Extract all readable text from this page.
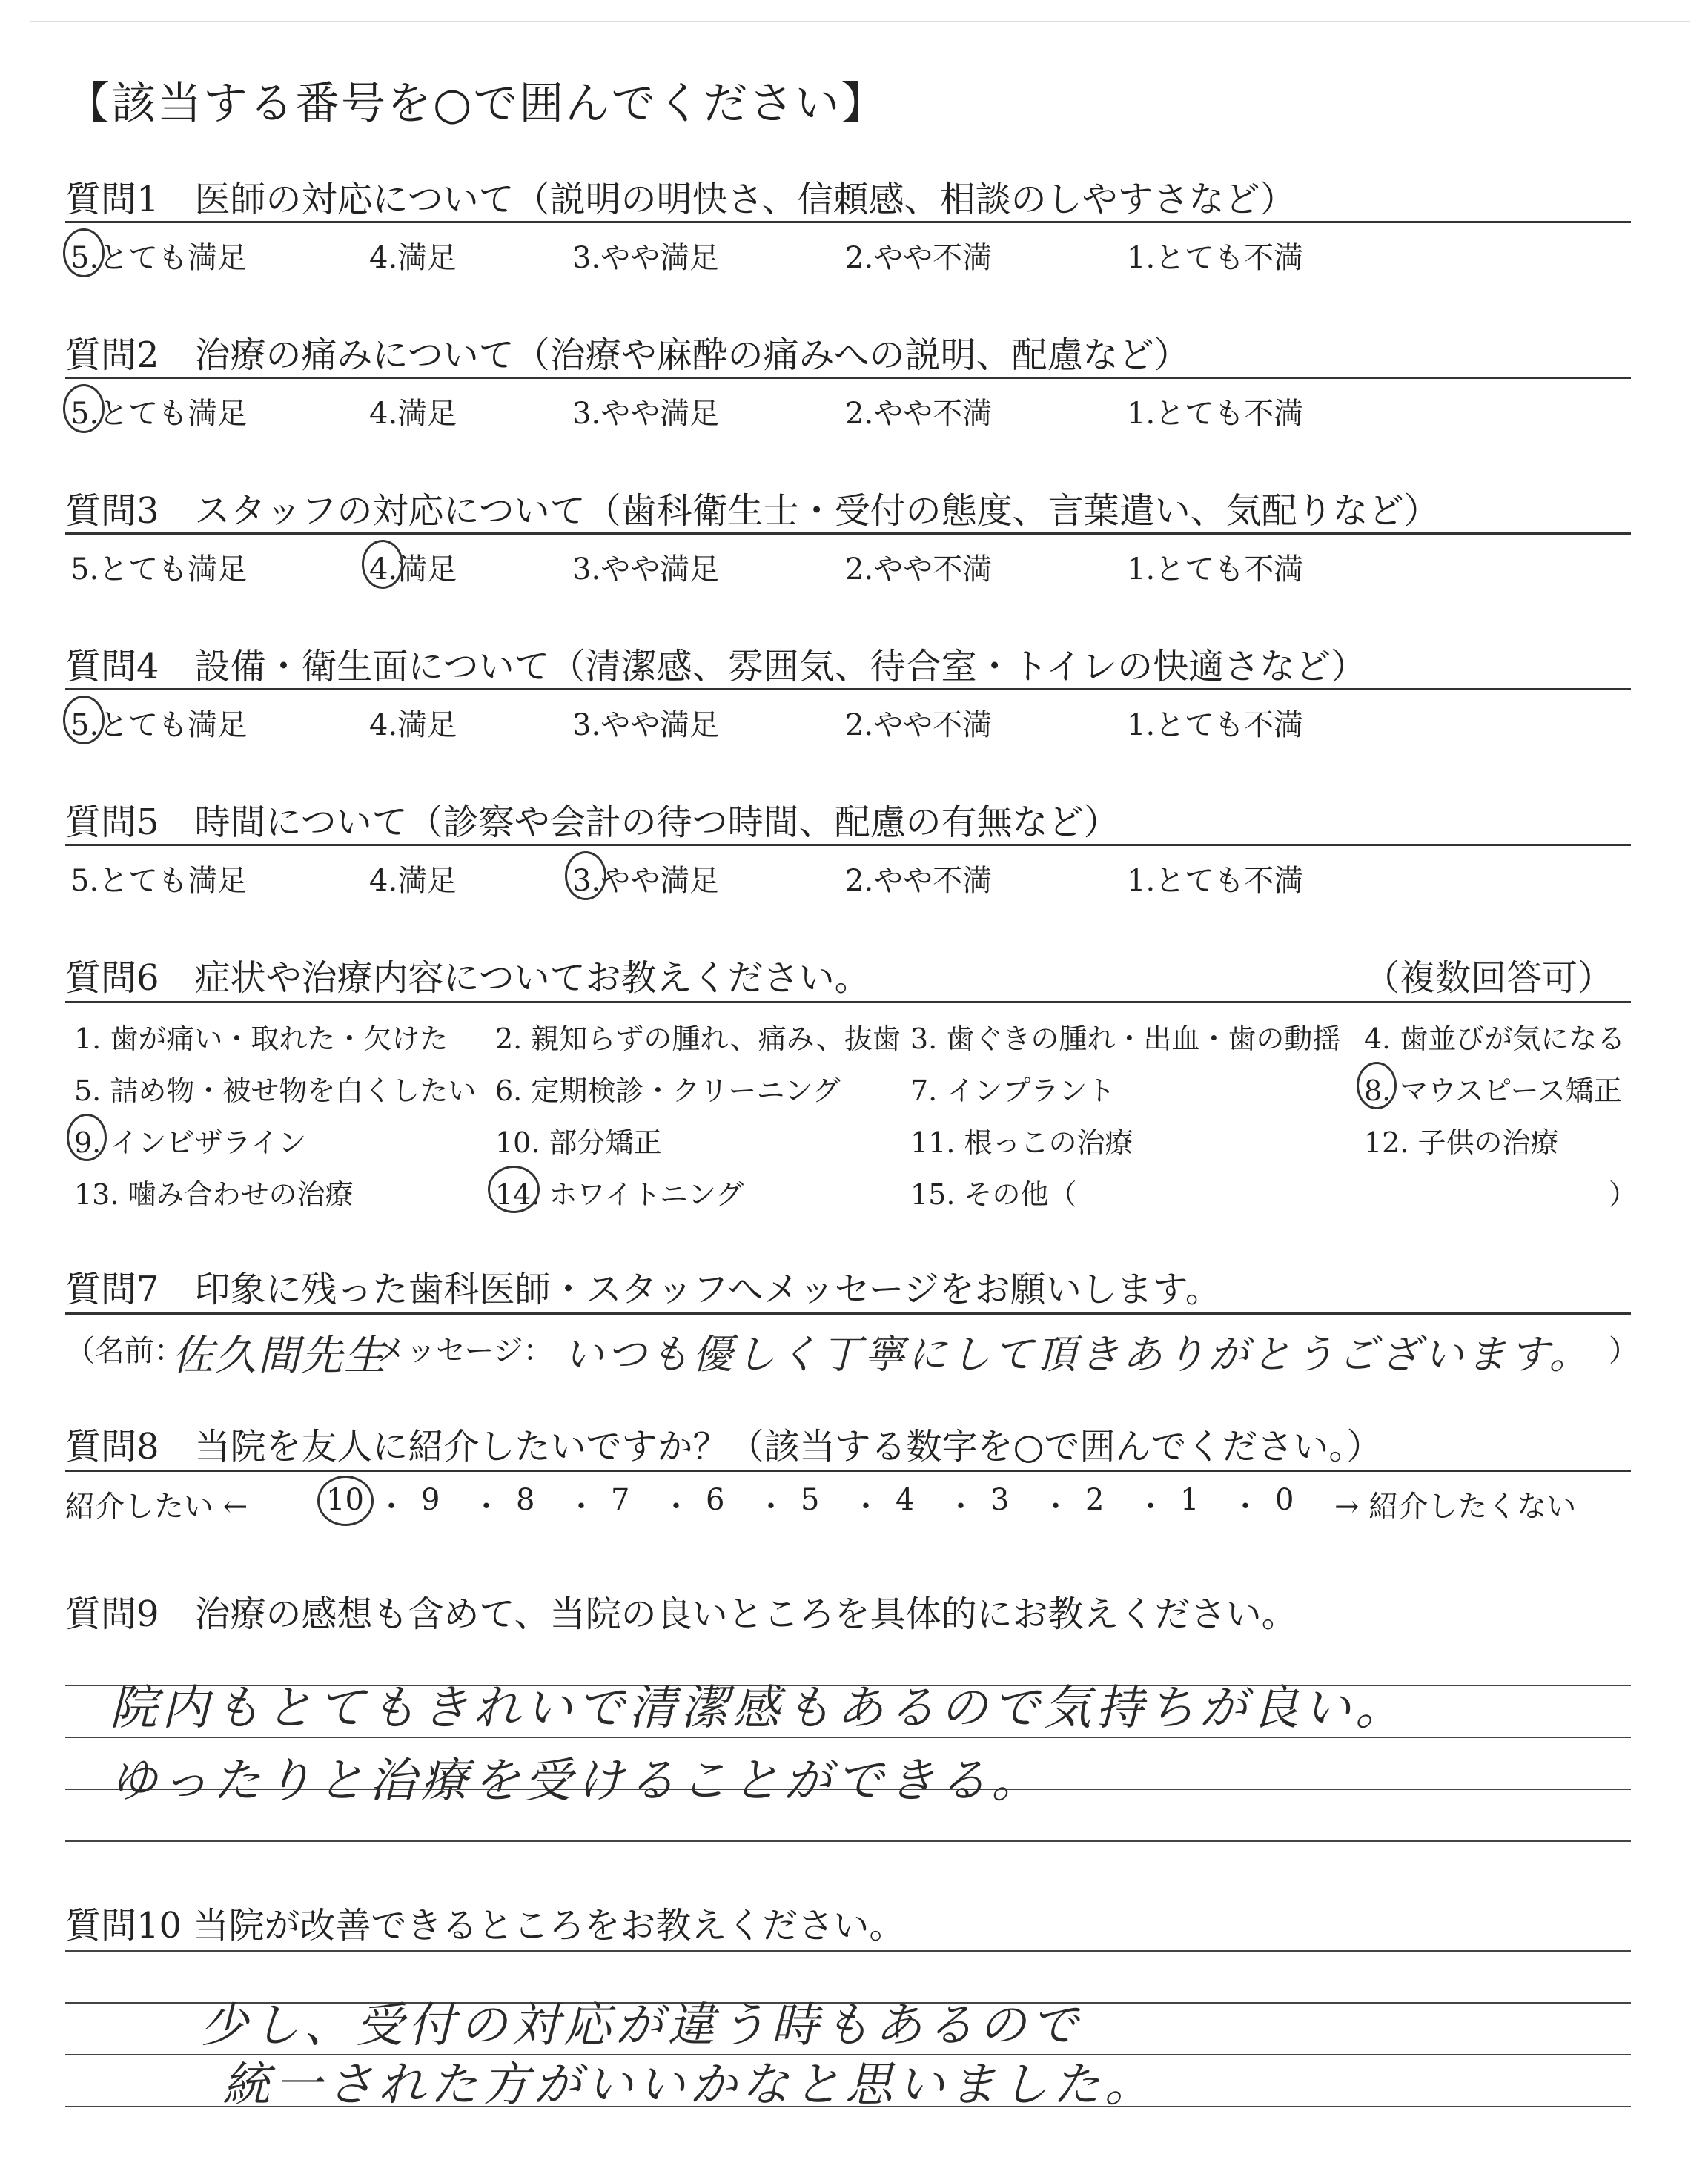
【該当する番号を○で囲んでください】
質問1　医師の対応について（説明の明快さ、信頼感、相談のしやすさなど）
5.とても満足	4.満足	3.やや満足	2.やや不満	1.とても不満
質問2　治療の痛みについて（治療や麻酔の痛みへの説明、配慮など）
5.とても満足	4.満足	3.やや満足	2.やや不満	1.とても不満
質問3　スタッフの対応について（歯科衛生士・受付の態度、言葉遣い、気配りなど）
5.とても満足	4.満足	3.やや満足	2.やや不満	1.とても不満
質問4　設備・衛生面について（清潔感、雰囲気、待合室・トイレの快適さなど）
5.とても満足	4.満足	3.やや満足	2.やや不満	1.とても不満
質問5　時間について（診察や会計の待つ時間、配慮の有無など）
5.とても満足	4.満足	3.やや満足	2.やや不満	1.とても不満
質問6　症状や治療内容についてお教えください。	（複数回答可）
1. 歯が痛い・取れた・欠けた 2. 親知らずの腫れ、痛み、抜歯 3. 歯ぐきの腫れ・出血・歯の動揺 4. 歯並びが気になる
5. 詰め物・被せ物を白くしたい 6. 定期検診・クリーニング 7. インプラント	8. マウスピース矯正
9. インビザライン	10. 部分矯正	11. 根っこの治療	12. 子供の治療
13. 噛み合わせの治療	14. ホワイトニング	15. その他（	）
質問7　印象に残った歯科医師・スタッフへメッセージをお願いします。
（名前：
佐久間先生
メッセージ： いつも優しく丁寧にして頂きありがとうございます。 ）
質問8　当院を友人に紹介したいですか？（該当する数字を○で囲んでください。）
紹介したい ←	→ 紹介したくない
10 ・ 9 ・ 8 ・ 7 ・ 6 ・ 5 ・ 4 ・ 3 ・ 2 ・ 1 ・ 0
質問9　治療の感想も含めて、当院の良いところを具体的にお教えください。
院内もとてもきれいで清潔感もあるので気持ちが良い。
ゆったりと治療を受けることができる。
質問10 当院が改善できるところをお教えください。
少し、受付の対応が違う時もあるので
統一された方がいいかなと思いました。
